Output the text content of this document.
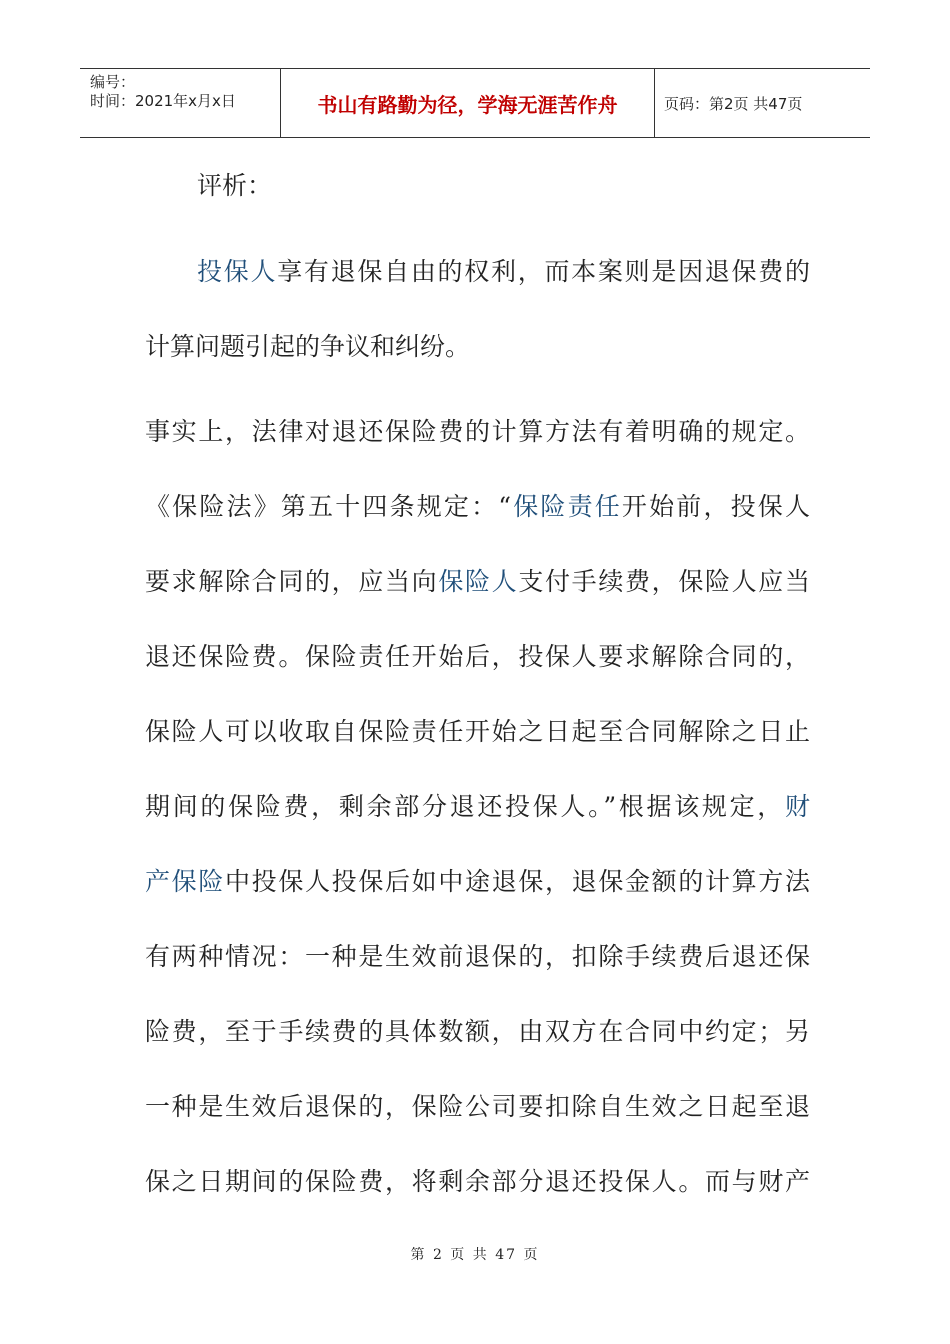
编号：
时间：2021年x月x日	书山有路勤为径，学海无涯苦作舟	页码：第2页 共47页
评析：
投保人享有退保自由的权利，而本案则是因退保费的
计算问题引起的争议和纠纷。
事实上，法律对退还保险费的计算方法有着明确的规定。
《保险法》第五十四条规定：“保险责任开始前，投保人
要求解除合同的，应当向保险人支付手续费，保险人应当
退还保险费。保险责任开始后，投保人要求解除合同的，
保险人可以收取自保险责任开始之日起至合同解除之日止
期间的保险费，剩余部分退还投保人。”根据该规定，财
产保险中投保人投保后如中途退保，退保金额的计算方法
有两种情况：一种是生效前退保的，扣除手续费后退还保
险费，至于手续费的具体数额，由双方在合同中约定；另
一种是生效后退保的，保险公司要扣除自生效之日起至退
保之日期间的保险费，将剩余部分退还投保人。而与财产
第 2 页 共 47 页
